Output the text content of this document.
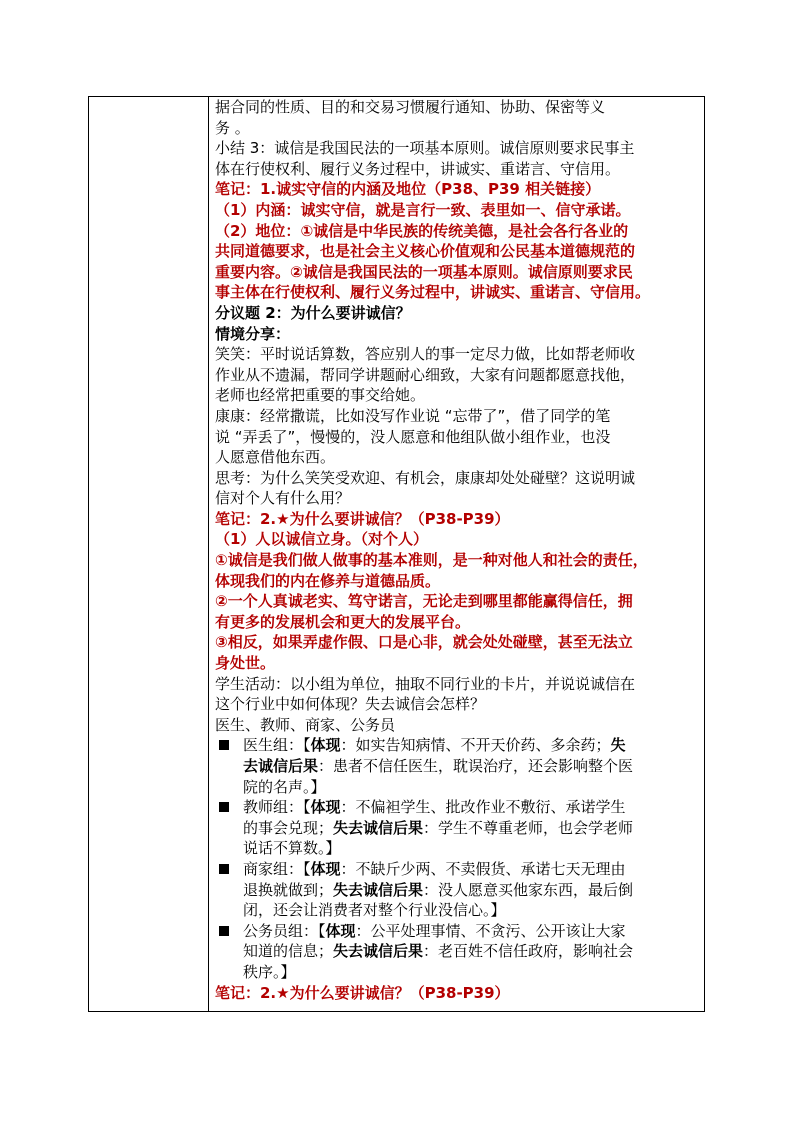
据合同的性质、目的和交易习惯履行通知、协助、保密等义
务 。
小结 3：诚信是我国民法的一项基本原则。诚信原则要求民事主
体在行使权利、履行义务过程中，讲诚实、重诺言、守信用。
笔记：1.诚实守信的内涵及地位（P38、P39 相关链接）
（1）内涵：诚实守信，就是言行一致、表里如一、信守承诺。
（2）地位：①诚信是中华民族的传统美德，是社会各行各业的
共同道德要求，也是社会主义核心价值观和公民基本道德规范的
重要内容。②诚信是我国民法的一项基本原则。诚信原则要求民
事主体在行使权利、履行义务过程中，讲诚实、重诺言、守信用。
分议题 2：为什么要讲诚信？
情境分享：
笑笑：平时说话算数，答应别人的事一定尽力做，比如帮老师收
作业从不遗漏，帮同学讲题耐心细致，大家有问题都愿意找他，
老师也经常把重要的事交给她。
康康：经常撒谎，比如没写作业说 “忘带了”，借了同学的笔
说 “弄丢了”，慢慢的，没人愿意和他组队做小组作业，也没
人愿意借他东西。
思考：为什么笑笑受欢迎、有机会，康康却处处碰壁？这说明诚
信对个人有什么用？
笔记：2.★为什么要讲诚信？（P38-P39）
（1）人以诚信立身。（对个人）
①诚信是我们做人做事的基本准则，是一种对他人和社会的责任，
体现我们的内在修养与道德品质。
②一个人真诚老实、笃守诺言，无论走到哪里都能赢得信任，拥
有更多的发展机会和更大的发展平台。
③相反，如果弄虚作假、口是心非，就会处处碰壁，甚至无法立
身处世。
学生活动：以小组为单位，抽取不同行业的卡片，并说说诚信在
这个行业中如何体现？失去诚信会怎样？
医生、教师、商家、公务员
医生组：【体现：如实告知病情、不开天价药、多余药；失
去诚信后果：患者不信任医生，耽误治疗，还会影响整个医
院的名声。】
教师组：【体现：不偏袒学生、批改作业不敷衍、承诺学生
的事会兑现；失去诚信后果：学生不尊重老师，也会学老师
说话不算数。】
商家组：【体现：不缺斤少两、不卖假货、承诺七天无理由
退换就做到；失去诚信后果：没人愿意买他家东西，最后倒
闭，还会让消费者对整个行业没信心。】
公务员组：【体现：公平处理事情、不贪污、公开该让大家
知道的信息；失去诚信后果：老百姓不信任政府，影响社会
秩序。】
笔记：2.★为什么要讲诚信？（P38-P39）
